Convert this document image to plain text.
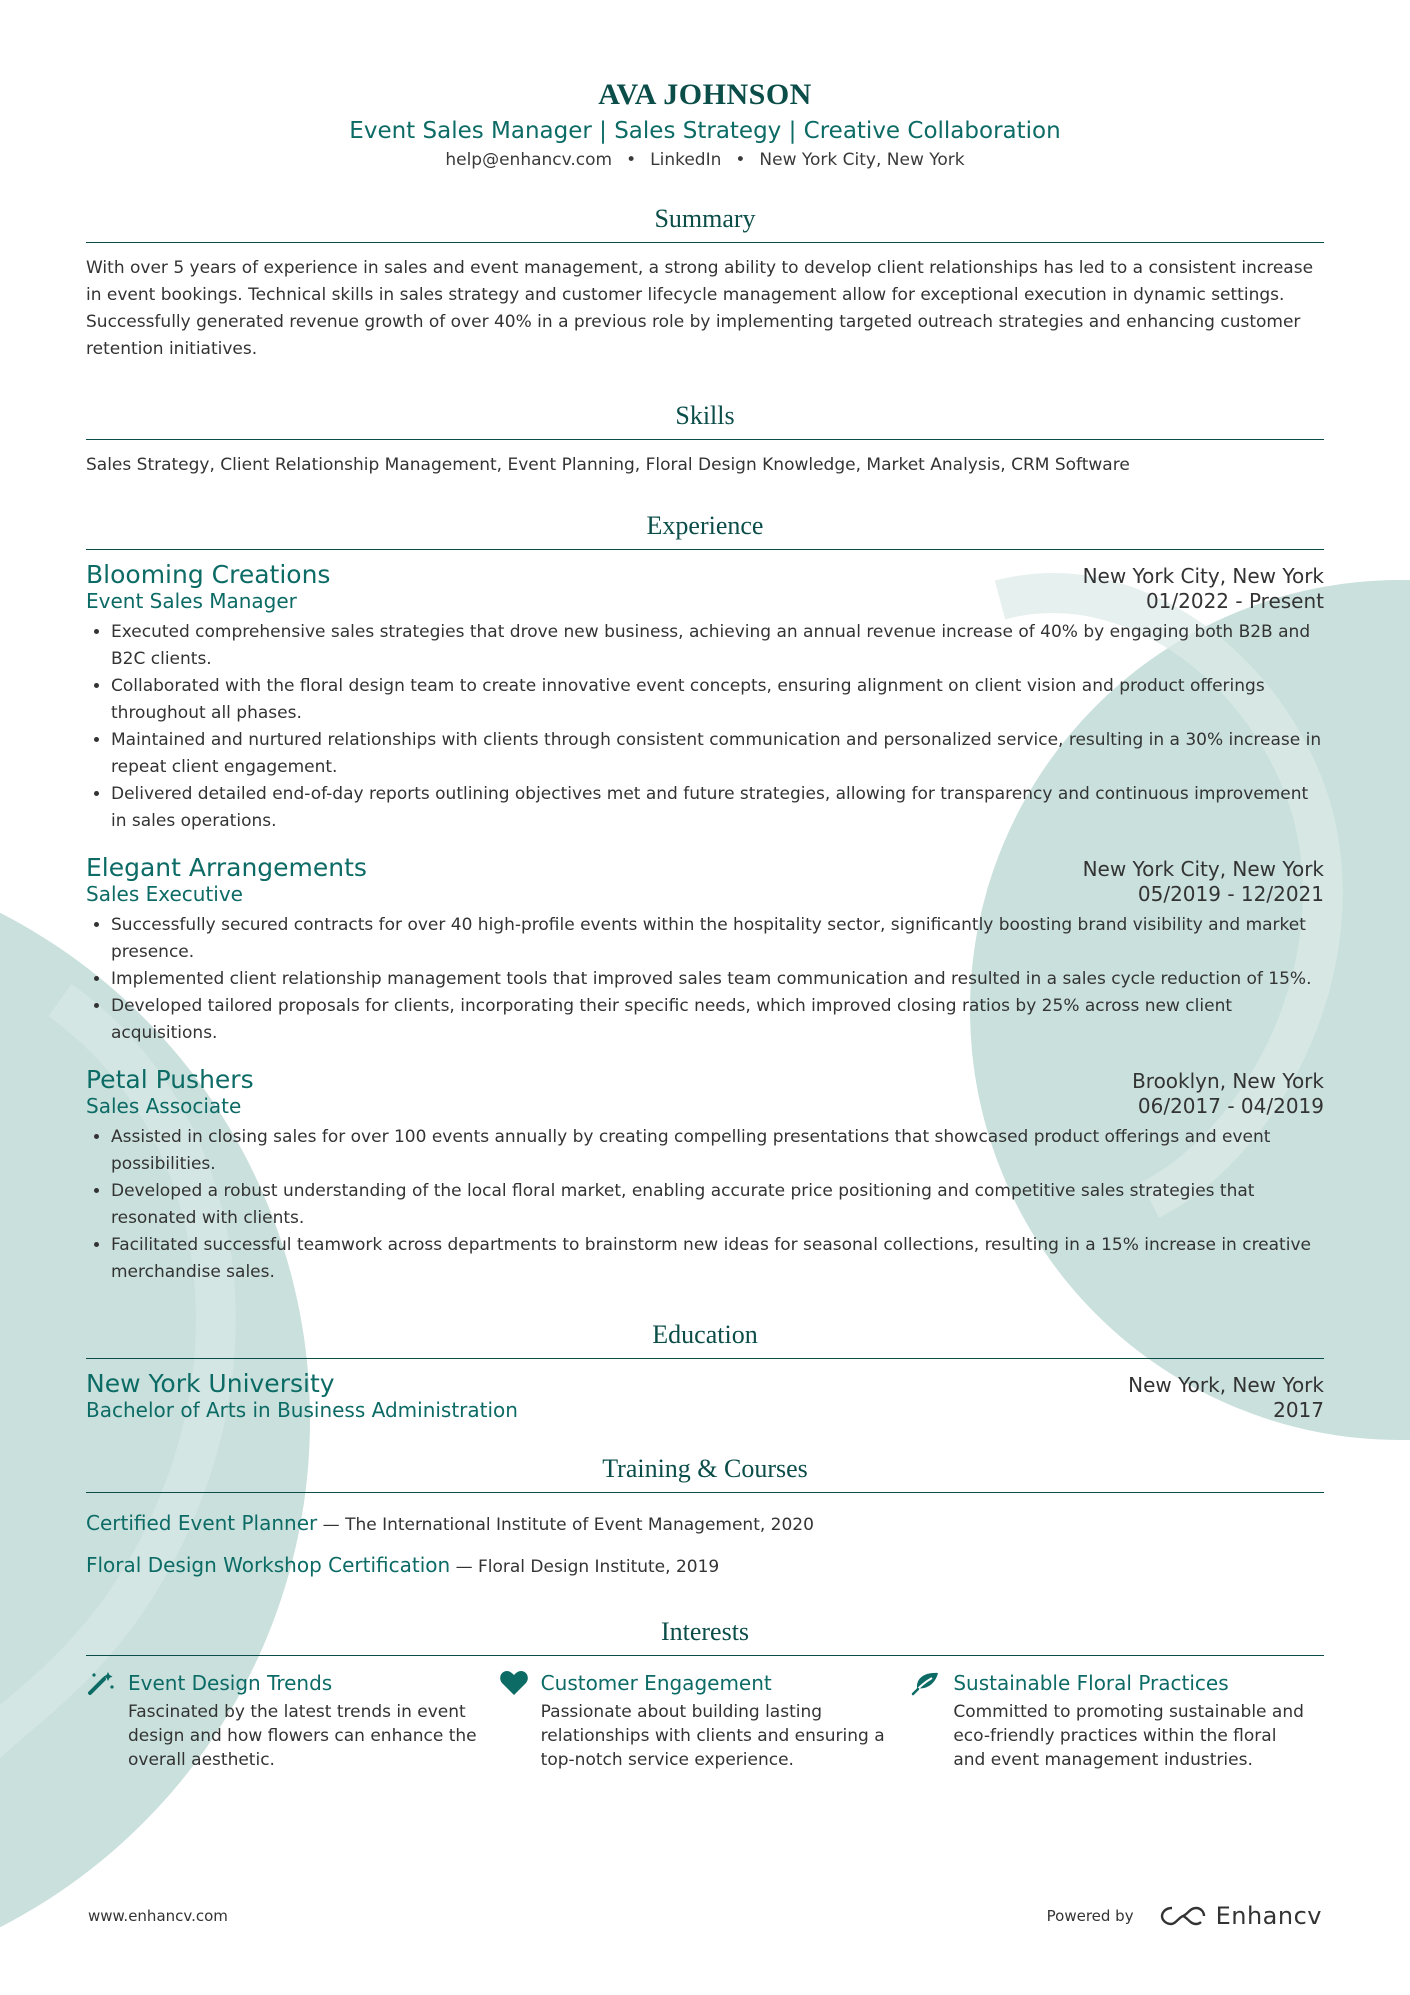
AVA JOHNSON
Event Sales Manager | Sales Strategy | Creative Collaboration
help@enhancv.com • LinkedIn • New York City, New York
Summary
With over 5 years of experience in sales and event management, a strong ability to develop client relationships has led to a consistent increase in event bookings. Technical skills in sales strategy and customer lifecycle management allow for exceptional execution in dynamic settings. Successfully generated revenue growth of over 40% in a previous role by implementing targeted outreach strategies and enhancing customer retention initiatives.
Skills
Sales Strategy, Client Relationship Management, Event Planning, Floral Design Knowledge, Market Analysis, CRM Software
Experience
Blooming Creations	New York City, New York
Event Sales Manager	01/2022 - Present
• Executed comprehensive sales strategies that drove new business, achieving an annual revenue increase of 40% by engaging both B2B and B2C clients.
• Collaborated with the floral design team to create innovative event concepts, ensuring alignment on client vision and product offerings throughout all phases.
• Maintained and nurtured relationships with clients through consistent communication and personalized service, resulting in a 30% increase in repeat client engagement.
• Delivered detailed end-of-day reports outlining objectives met and future strategies, allowing for transparency and continuous improvement in sales operations.
Elegant Arrangements	New York City, New York
Sales Executive	05/2019 - 12/2021
• Successfully secured contracts for over 40 high-profile events within the hospitality sector, significantly boosting brand visibility and market presence.
• Implemented client relationship management tools that improved sales team communication and resulted in a sales cycle reduction of 15%.
• Developed tailored proposals for clients, incorporating their specific needs, which improved closing ratios by 25% across new client acquisitions.
Petal Pushers	Brooklyn, New York
Sales Associate	06/2017 - 04/2019
• Assisted in closing sales for over 100 events annually by creating compelling presentations that showcased product offerings and event possibilities.
• Developed a robust understanding of the local floral market, enabling accurate price positioning and competitive sales strategies that resonated with clients.
• Facilitated successful teamwork across departments to brainstorm new ideas for seasonal collections, resulting in a 15% increase in creative merchandise sales.
Education
New York University	New York, New York
Bachelor of Arts in Business Administration	2017
Training & Courses
Certified Event Planner — The International Institute of Event Management, 2020
Floral Design Workshop Certification — Floral Design Institute, 2019
Interests
Event Design Trends
Fascinated by the latest trends in event design and how flowers can enhance the overall aesthetic.
Customer Engagement
Passionate about building lasting relationships with clients and ensuring a top-notch service experience.
Sustainable Floral Practices
Committed to promoting sustainable and eco-friendly practices within the floral and event management industries.
www.enhancv.com	Powered by	Enhancv
